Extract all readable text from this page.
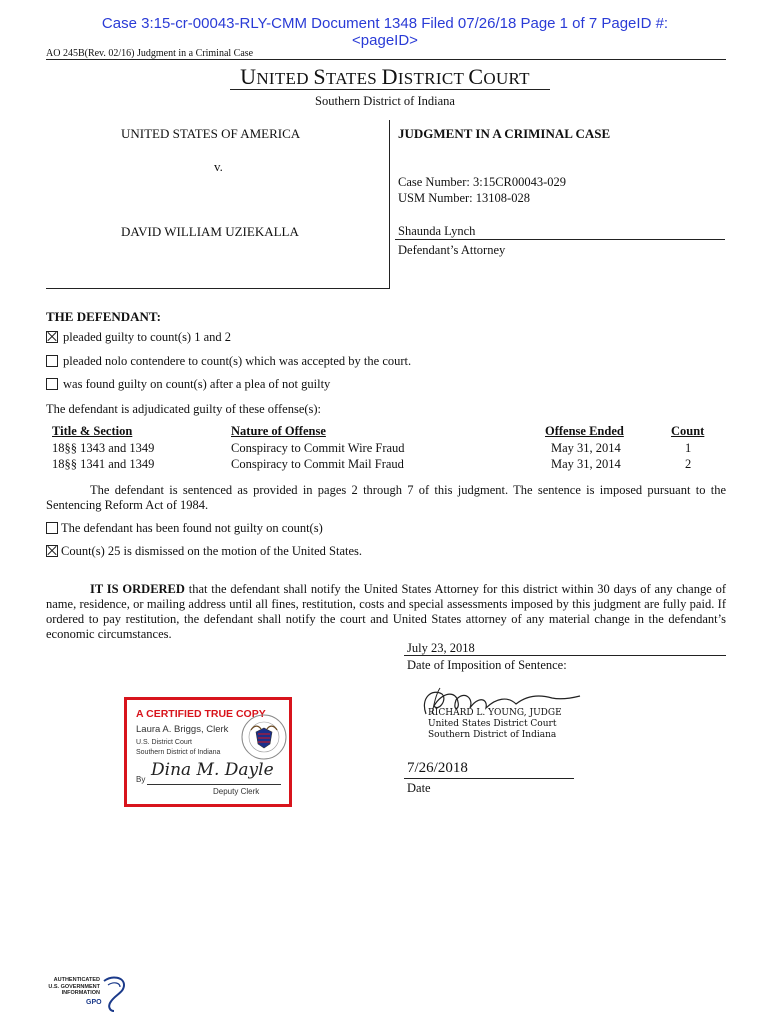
Case 3:15-cr-00043-RLY-CMM Document 1348 Filed 07/26/18 Page 1 of 7 PageID #:
<pageID>
AO 245B(Rev. 02/16) Judgment in a Criminal Case
UNITED STATES DISTRICT COURT
Southern District of Indiana
UNITED STATES OF AMERICA
v.
DAVID WILLIAM UZIEKALLA
JUDGMENT IN A CRIMINAL CASE
Case Number: 3:15CR00043-029
USM Number: 13108-028
Shaunda Lynch
Defendant’s Attorney
THE DEFENDANT:
pleaded guilty to count(s) 1 and 2
pleaded nolo contendere to count(s) which was accepted by the court.
was found guilty on count(s) after a plea of not guilty
The defendant is adjudicated guilty of these offense(s):
Title & Section	Nature of Offense	Offense Ended	Count
18§§ 1343 and 1349	Conspiracy to Commit Wire Fraud	May 31, 2014	1
18§§ 1341 and 1349	Conspiracy to Commit Mail Fraud	May 31, 2014	2
The defendant is sentenced as provided in pages 2 through 7 of this judgment. The sentence is imposed pursuant to the Sentencing Reform Act of 1984.
The defendant has been found not guilty on count(s)
Count(s) 25 is dismissed on the motion of the United States.
IT IS ORDERED that the defendant shall notify the United States Attorney for this district within 30 days of any change of name, residence, or mailing address until all fines, restitution, costs and special assessments imposed by this judgment are fully paid. If ordered to pay restitution, the defendant shall notify the court and United States attorney of any material change in the defendant’s economic circumstances.
July 23, 2018
Date of Imposition of Sentence:
RICHARD L. YOUNG, JUDGE
United States District Court
Southern District of Indiana
7/26/2018
Date
A CERTIFIED TRUE COPY
Laura A. Briggs, Clerk
U.S. District Court
Southern District of Indiana
By Dina M. Dayle
Deputy Clerk
AUTHENTICATED
U.S. GOVERNMENT
INFORMATION
GPO
